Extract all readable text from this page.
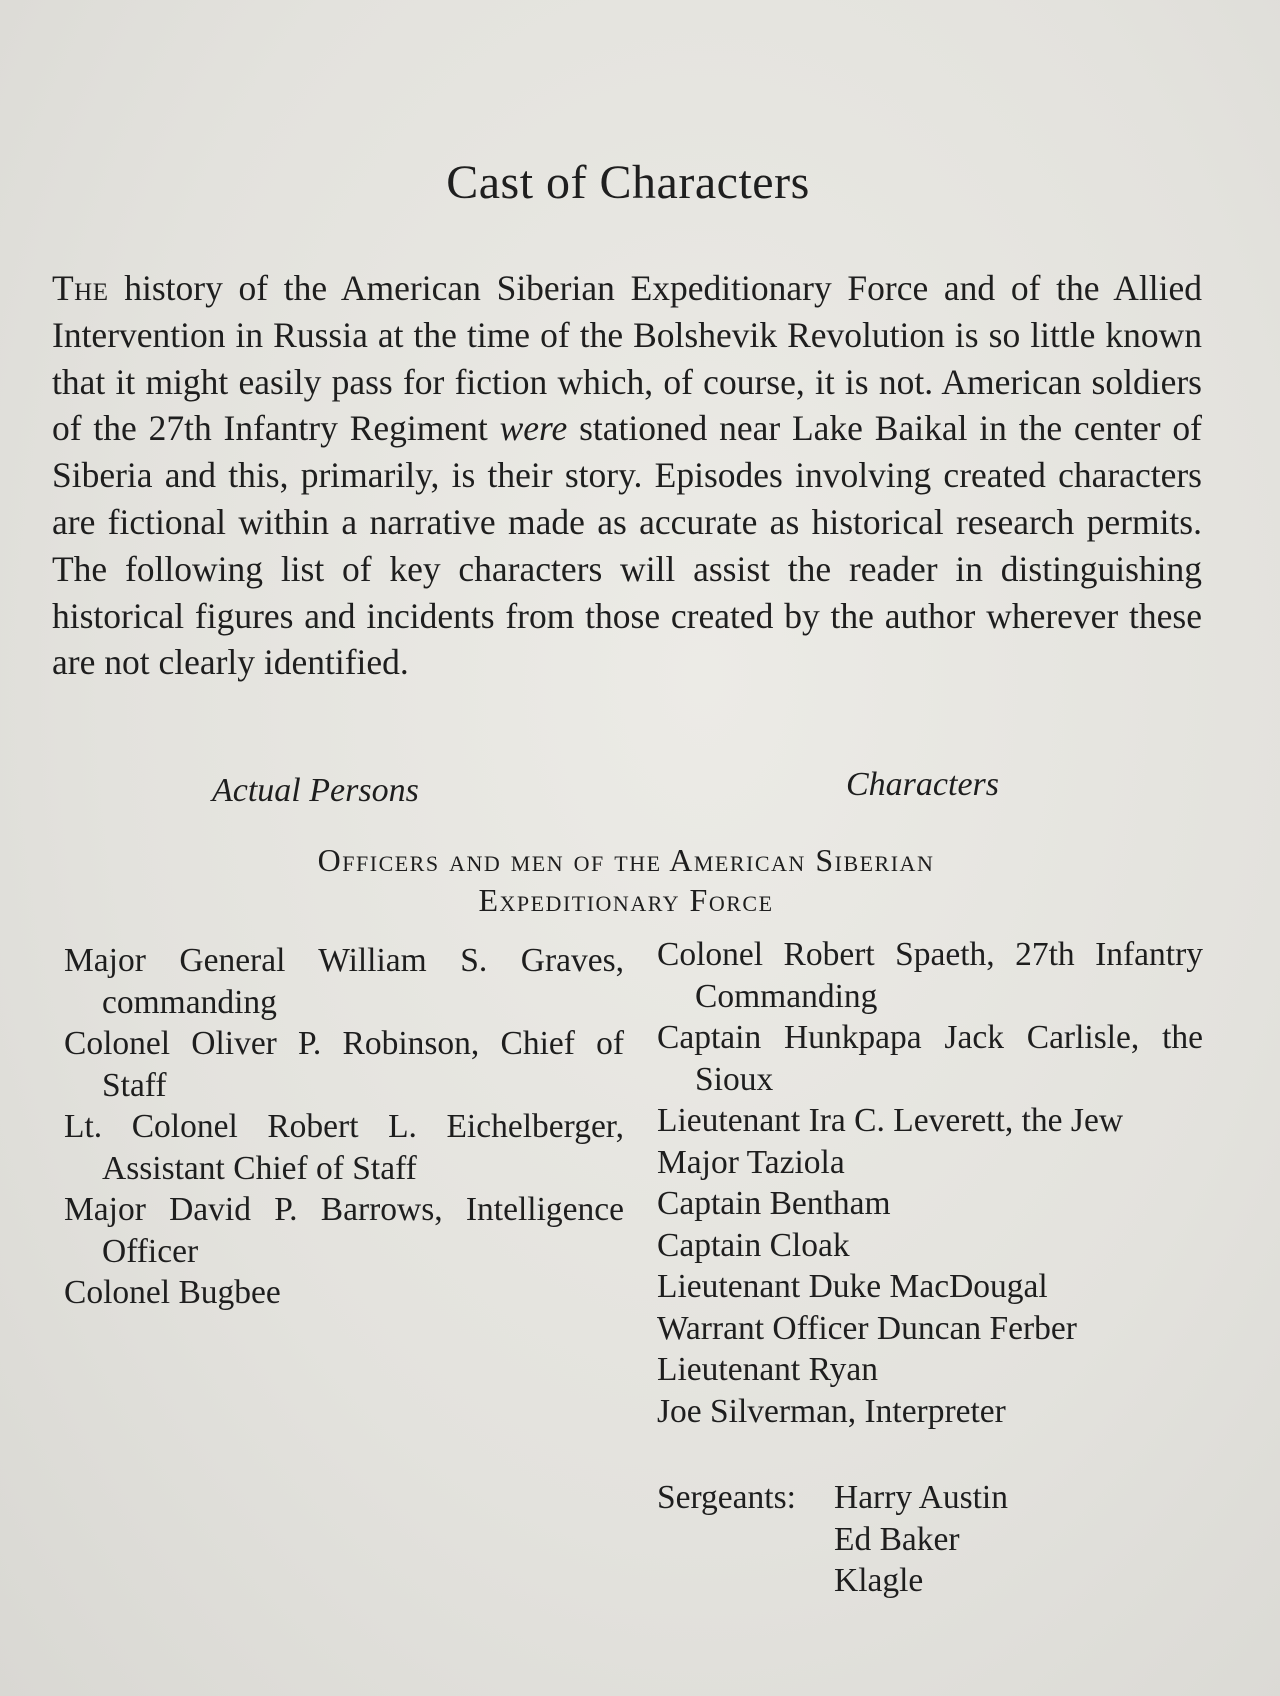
Cast of Characters

The history of the American Siberian Expeditionary Force and of the Allied Intervention in Russia at the time of the Bolshevik Revolution is so little known that it might easily pass for fiction which, of course, it is not. American soldiers of the 27th Infantry Regiment were stationed near Lake Baikal in the center of Siberia and this, primarily, is their story. Episodes involving created characters are fictional within a narrative made as accurate as historical research permits. The following list of key characters will assist the reader in distinguishing historical figures and incidents from those created by the author wherever these are not clearly identified.

Actual Persons	Characters
Officers and men of the American Siberian
Expeditionary Force
Major General William S. Graves, commanding
Colonel Oliver P. Robinson, Chief of Staff
Lt. Colonel Robert L. Eichelberger, Assistant Chief of Staff
Major David P. Barrows, Intelligence Officer
Colonel Bugbee
Colonel Robert Spaeth, 27th Infantry Commanding
Captain Hunkpapa Jack Carlisle, the Sioux
Lieutenant Ira C. Leverett, the Jew
Major Taziola
Captain Bentham
Captain Cloak
Lieutenant Duke MacDougal
Warrant Officer Duncan Ferber
Lieutenant Ryan
Joe Silverman, Interpreter
Sergeants: Harry Austin
Ed Baker
Klagle
